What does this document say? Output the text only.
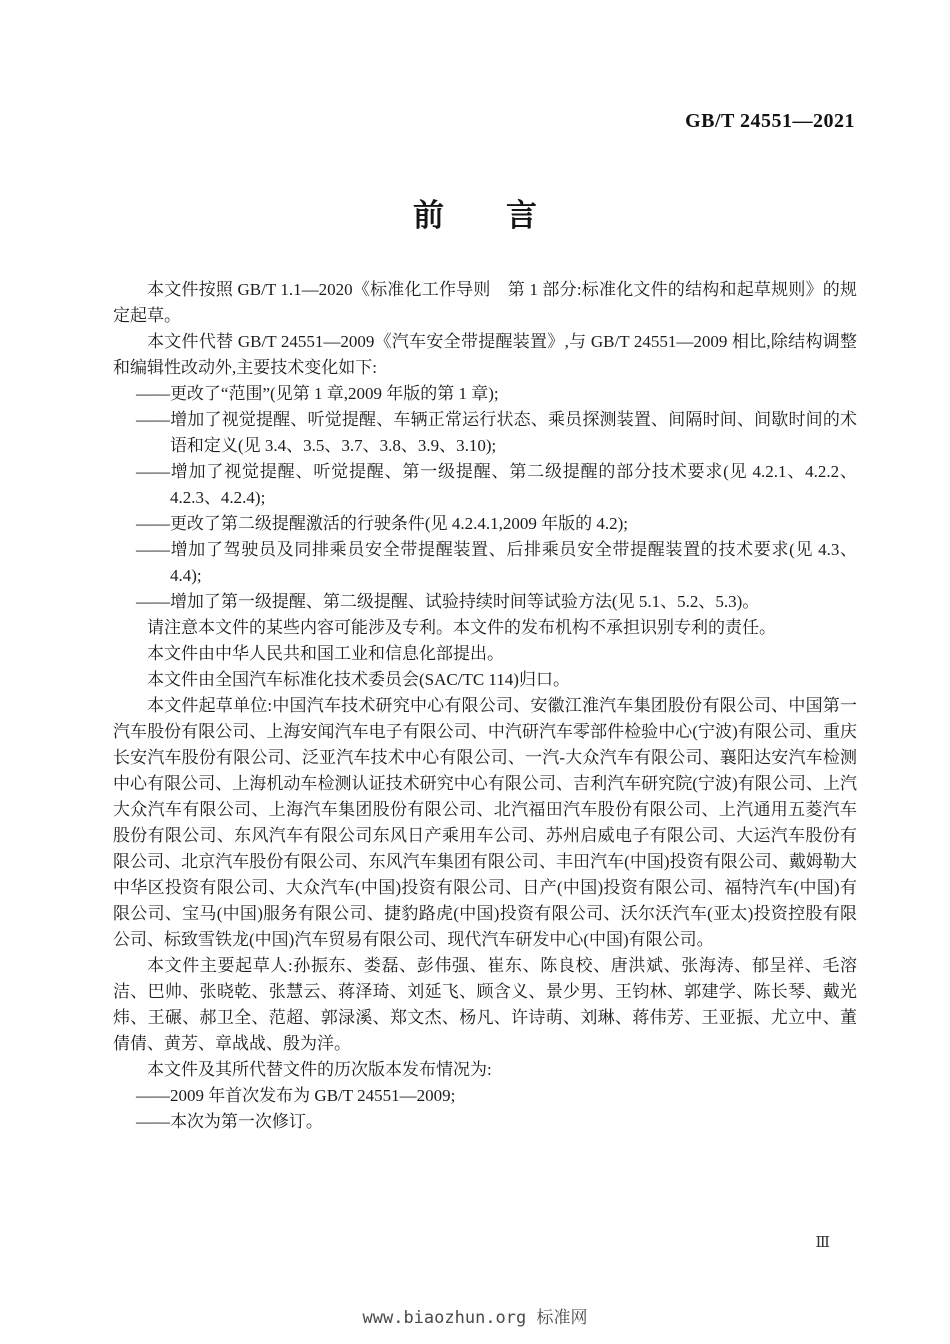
GB/T 24551—2021
前　　言

本文件按照 GB/T 1.1—2020《标准化工作导则　第 1 部分:标准化文件的结构和起草规则》的规定起草。

本文件代替 GB/T 24551—2009《汽车安全带提醒装置》,与 GB/T 24551—2009 相比,除结构调整和编辑性改动外,主要技术变化如下:

——更改了“范围”(见第 1 章,2009 年版的第 1 章);

——增加了视觉提醒、听觉提醒、车辆正常运行状态、乘员探测装置、间隔时间、间歇时间的术语和定义(见 3.4、3.5、3.7、3.8、3.9、3.10);

——增加了视觉提醒、听觉提醒、第一级提醒、第二级提醒的部分技术要求(见 4.2.1、4.2.2、4.2.3、4.2.4);

——更改了第二级提醒激活的行驶条件(见 4.2.4.1,2009 年版的 4.2);

——增加了驾驶员及同排乘员安全带提醒装置、后排乘员安全带提醒装置的技术要求(见 4.3、4.4);

——增加了第一级提醒、第二级提醒、试验持续时间等试验方法(见 5.1、5.2、5.3)。

请注意本文件的某些内容可能涉及专利。本文件的发布机构不承担识别专利的责任。

本文件由中华人民共和国工业和信息化部提出。

本文件由全国汽车标准化技术委员会(SAC/TC 114)归口。

本文件起草单位:中国汽车技术研究中心有限公司、安徽江淮汽车集团股份有限公司、中国第一汽车股份有限公司、上海安闻汽车电子有限公司、中汽研汽车零部件检验中心(宁波)有限公司、重庆长安汽车股份有限公司、泛亚汽车技术中心有限公司、一汽-大众汽车有限公司、襄阳达安汽车检测中心有限公司、上海机动车检测认证技术研究中心有限公司、吉利汽车研究院(宁波)有限公司、上汽大众汽车有限公司、上海汽车集团股份有限公司、北汽福田汽车股份有限公司、上汽通用五菱汽车股份有限公司、东风汽车有限公司东风日产乘用车公司、苏州启威电子有限公司、大运汽车股份有限公司、北京汽车股份有限公司、东风汽车集团有限公司、丰田汽车(中国)投资有限公司、戴姆勒大中华区投资有限公司、大众汽车(中国)投资有限公司、日产(中国)投资有限公司、福特汽车(中国)有限公司、宝马(中国)服务有限公司、捷豹路虎(中国)投资有限公司、沃尔沃汽车(亚太)投资控股有限公司、标致雪铁龙(中国)汽车贸易有限公司、现代汽车研发中心(中国)有限公司。

本文件主要起草人:孙振东、娄磊、彭伟强、崔东、陈良校、唐洪斌、张海涛、郁呈祥、毛溶洁、巴帅、张晓乾、张慧云、蒋泽琦、刘延飞、顾含义、景少男、王钧林、郭建学、陈长琴、戴光炜、王碾、郝卫全、范超、郭渌溪、郑文杰、杨凡、许诗萌、刘琳、蒋伟芳、王亚振、尤立中、董倩倩、黄芳、章战战、殷为洋。

本文件及其所代替文件的历次版本发布情况为:

——2009 年首次发布为 GB/T 24551—2009;

——本次为第一次修订。

Ⅲ
www.biaozhun.org 标准网
